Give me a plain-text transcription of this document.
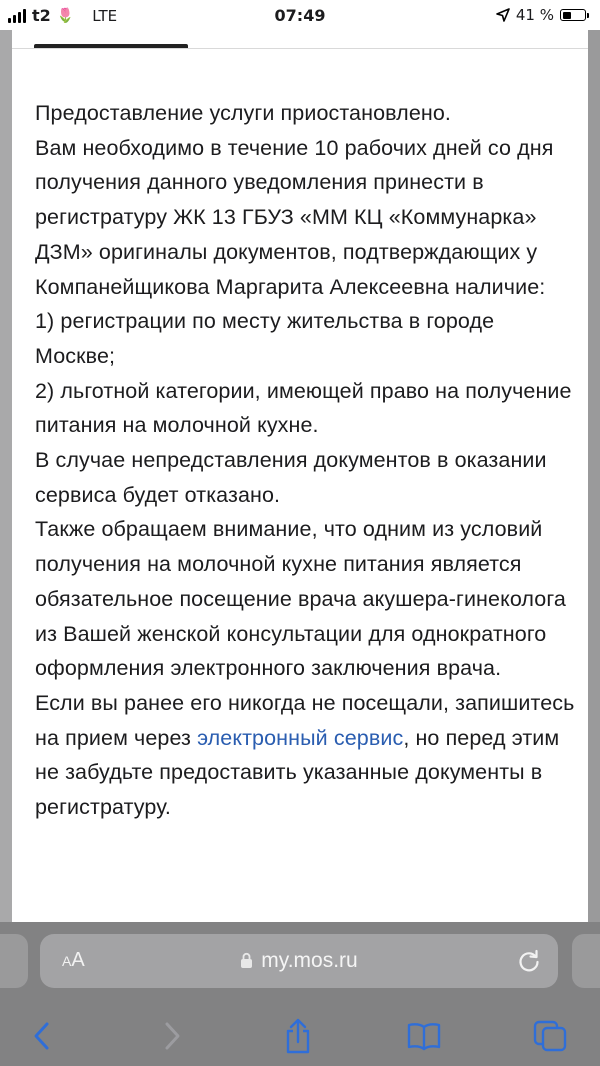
t2 🌷 LTE	07:49	41 %

Предоставление услуги приостановлено.

Вам необходимо в течение 10 рабочих дней со дня получения данного уведомления принести в регистратуру ЖК 13 ГБУЗ «ММ КЦ «Коммунарка» ДЗМ» оригиналы документов, подтверждающих у Компанейщикова Маргарита Алексеевна наличие:

1) регистрации по месту жительства в городе Москве;

2) льготной категории, имеющей право на получение питания на молочной кухне.

В случае непредставления документов в оказании сервиса будет отказано.

Также обращаем внимание, что одним из условий получения на молочной кухне питания является обязательное посещение врача акушера-гинеколога из Вашей женской консультации для однократного оформления электронного заключения врача.

Если вы ранее его никогда не посещали, запишитесь на прием через электронный сервис, но перед этим не забудьте предоставить указанные документы в регистратуру.

AA	my.mos.ru
